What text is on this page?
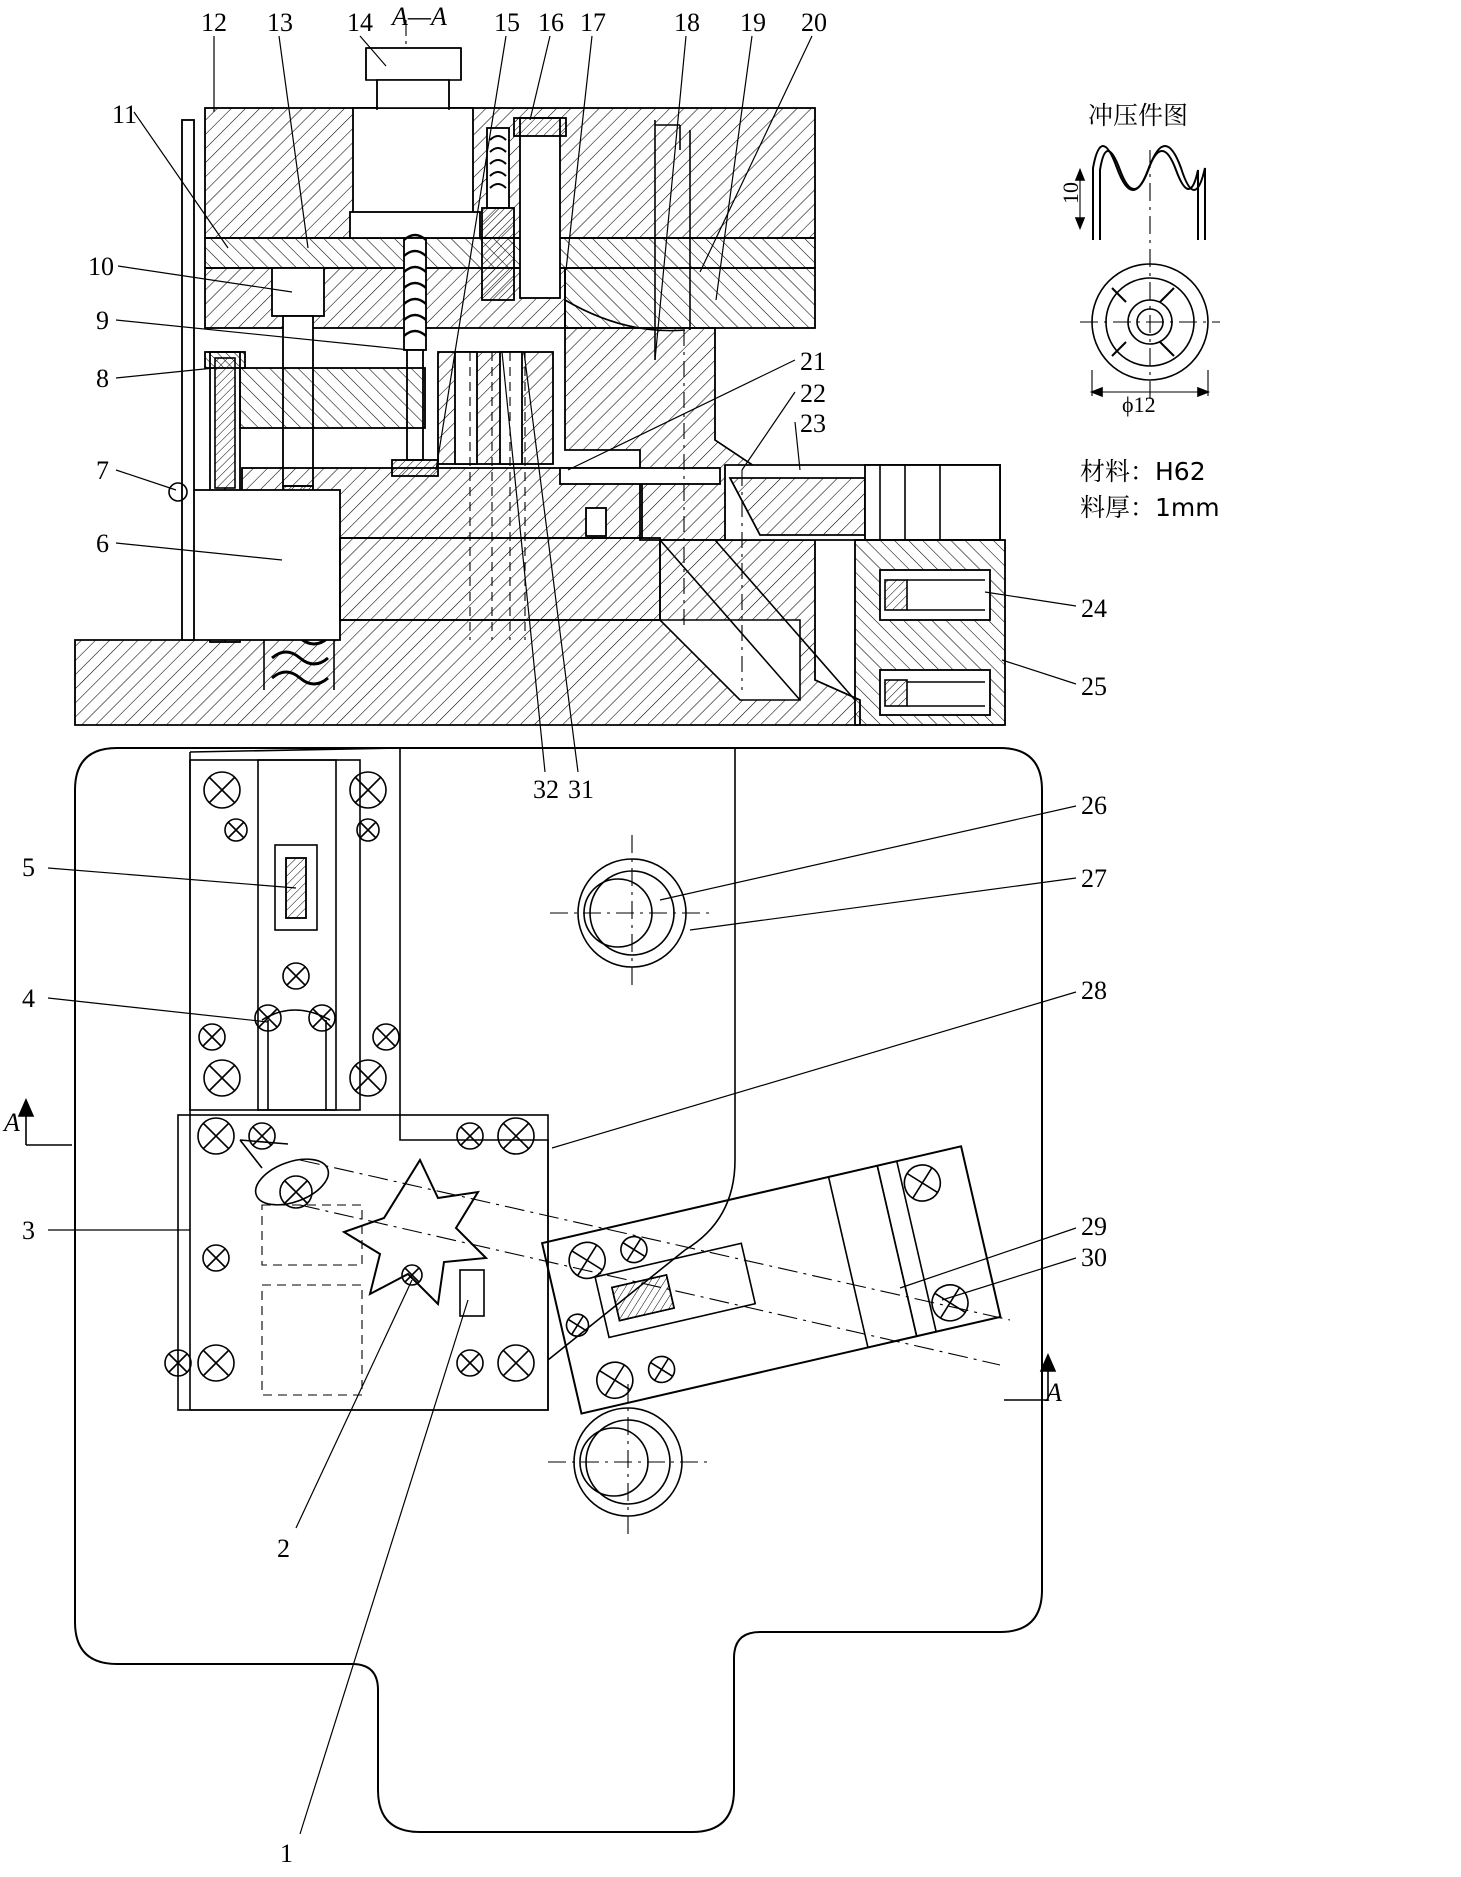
A—A
A
A
冲压件图
10
ϕ12
材料：H62
料厚：1mm
12 13 14	15 16 17	18 19 20
11
10
9
8
7
6
5
4
3
21
22
23
24
25
26
27
28
29
30
32 31
2
1
